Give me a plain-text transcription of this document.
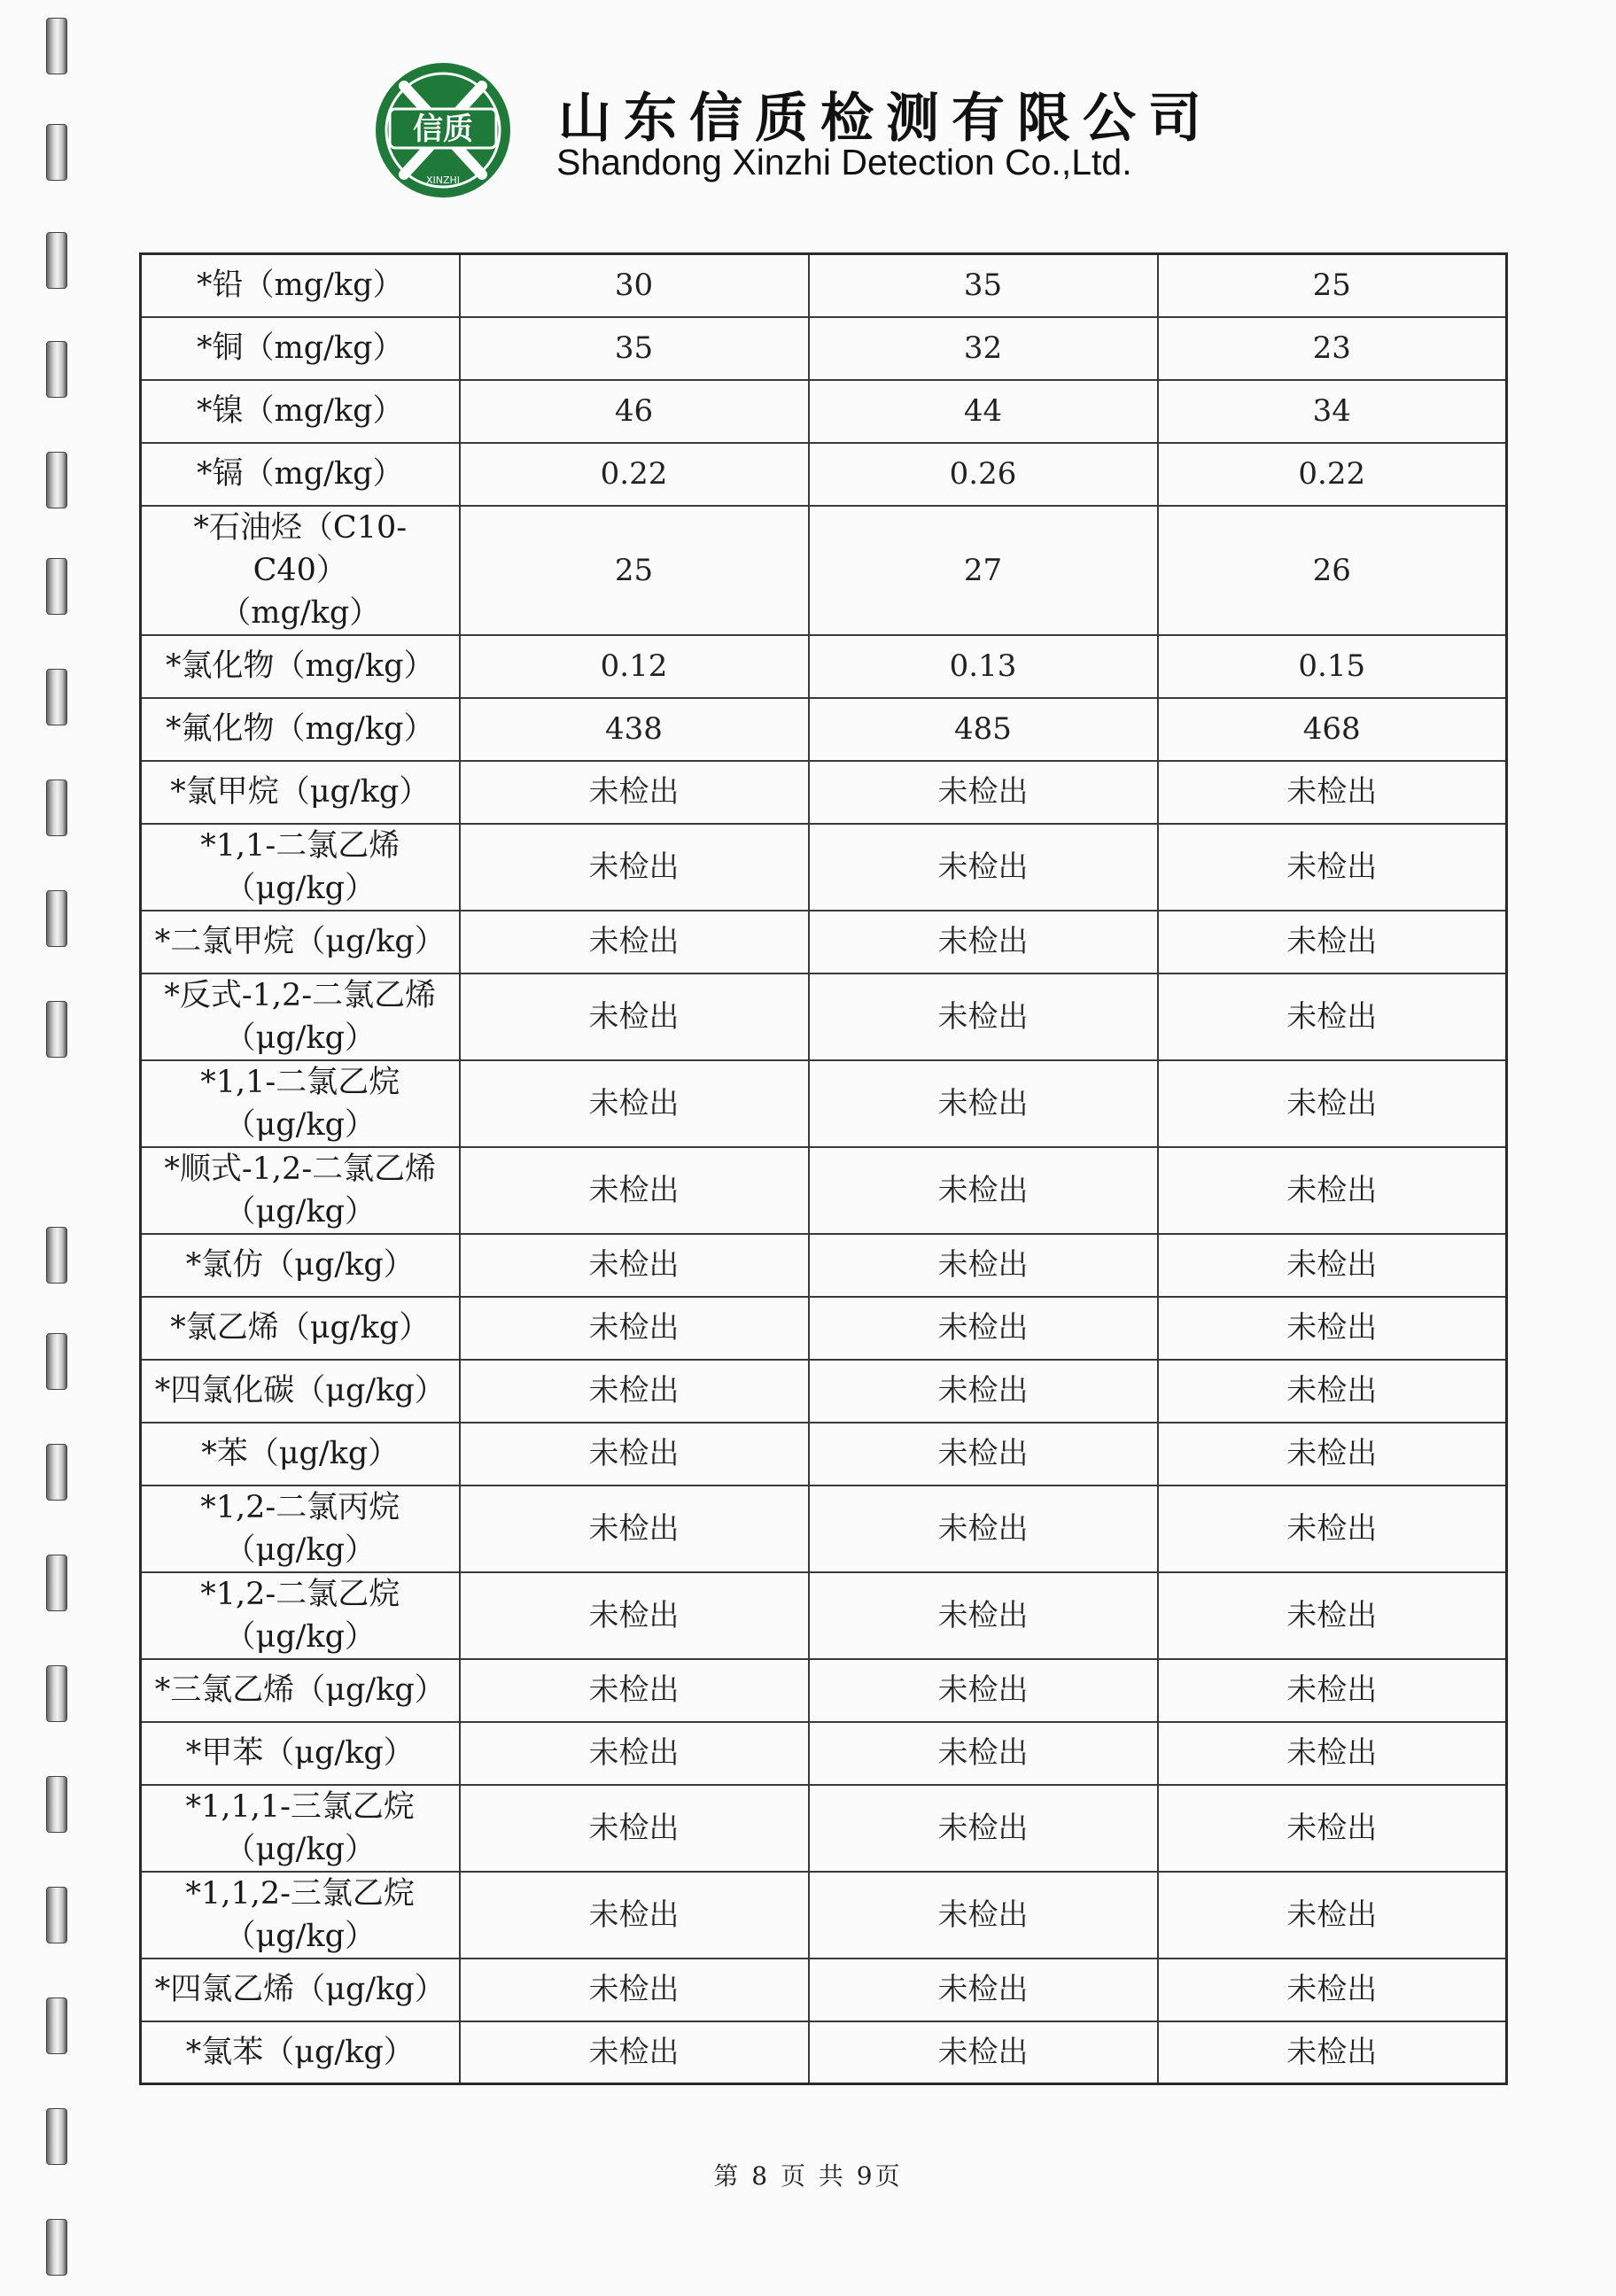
信质
XINZHI
山东信质检测有限公司
Shandong Xinzhi Detection Co.,Ltd.
*铅（mg/kg）	30	35	25
*铜（mg/kg）	35	32	23
*镍（mg/kg）	46	44	34
*镉（mg/kg）	0.22	0.26	0.22
*石油烃（C10-C40）
（mg/kg）	25	27	26
*氯化物（mg/kg）	0.12	0.13	0.15
*氟化物（mg/kg）	438	485	468
*氯甲烷（μg/kg）	未检出	未检出	未检出
*1,1-二氯乙烯
（μg/kg）	未检出	未检出	未检出
*二氯甲烷（μg/kg）	未检出	未检出	未检出
*反式-1,2-二氯乙烯
（μg/kg）	未检出	未检出	未检出
*1,1-二氯乙烷
（μg/kg）	未检出	未检出	未检出
*顺式-1,2-二氯乙烯
（μg/kg）	未检出	未检出	未检出
*氯仿（μg/kg）	未检出	未检出	未检出
*氯乙烯（μg/kg）	未检出	未检出	未检出
*四氯化碳（μg/kg）	未检出	未检出	未检出
*苯（μg/kg）	未检出	未检出	未检出
*1,2-二氯丙烷
（μg/kg）	未检出	未检出	未检出
*1,2-二氯乙烷
（μg/kg）	未检出	未检出	未检出
*三氯乙烯（μg/kg）	未检出	未检出	未检出
*甲苯（μg/kg）	未检出	未检出	未检出
*1,1,1-三氯乙烷
（μg/kg）	未检出	未检出	未检出
*1,1,2-三氯乙烷
（μg/kg）	未检出	未检出	未检出
*四氯乙烯（μg/kg）	未检出	未检出	未检出
*氯苯（μg/kg）	未检出	未检出	未检出
第 8 页 共 9页
